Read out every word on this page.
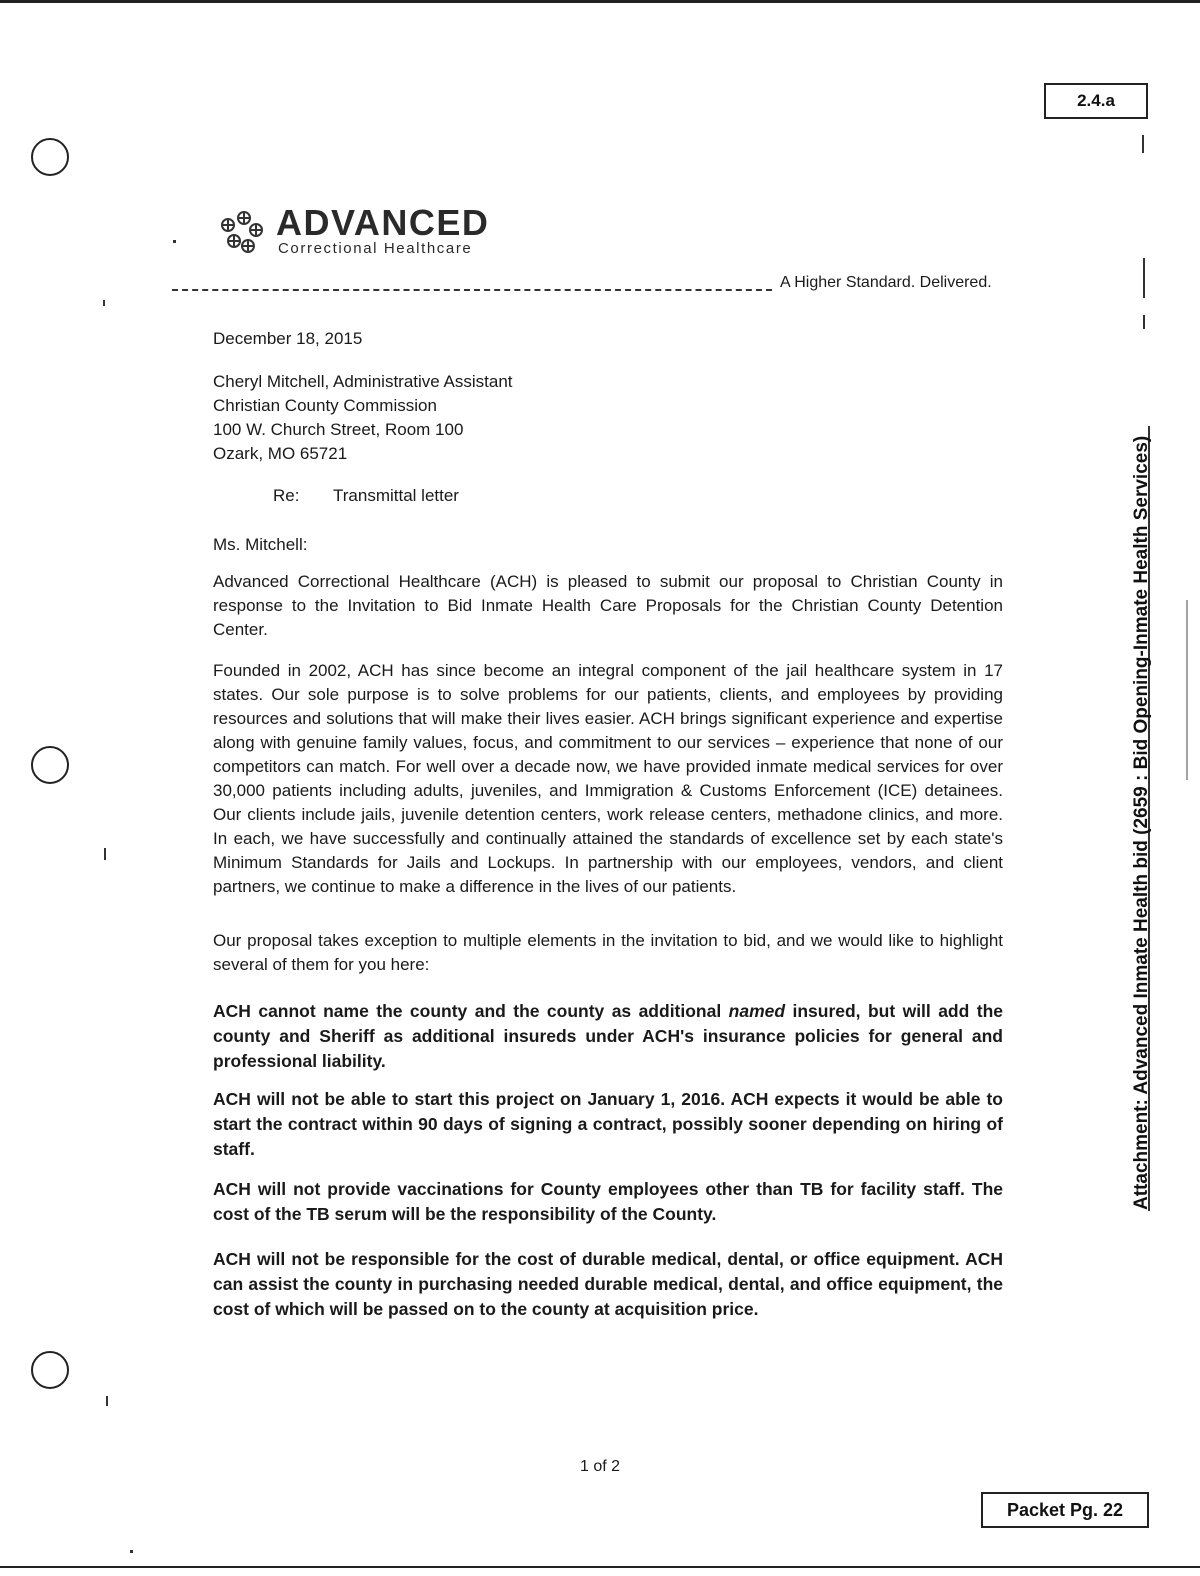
2.4.a
Attachment: Advanced Inmate Health bid (2659 : Bid Opening-Inmate Health Services)
ADVANCED
Correctional Healthcare
A Higher Standard. Delivered.
December 18, 2015
Cheryl Mitchell, Administrative Assistant
Christian County Commission
100 W. Church Street, Room 100
Ozark, MO 65721
Re: Transmittal letter
Ms. Mitchell:
Advanced Correctional Healthcare (ACH) is pleased to submit our proposal to Christian County in response to the Invitation to Bid Inmate Health Care Proposals for the Christian County Detention Center.
Founded in 2002, ACH has since become an integral component of the jail healthcare system in 17 states. Our sole purpose is to solve problems for our patients, clients, and employees by providing resources and solutions that will make their lives easier. ACH brings significant experience and expertise along with genuine family values, focus, and commitment to our services – experience that none of our competitors can match. For well over a decade now, we have provided inmate medical services for over 30,000 patients including adults, juveniles, and Immigration & Customs Enforcement (ICE) detainees. Our clients include jails, juvenile detention centers, work release centers, methadone clinics, and more. In each, we have successfully and continually attained the standards of excellence set by each state's Minimum Standards for Jails and Lockups. In partnership with our employees, vendors, and client partners, we continue to make a difference in the lives of our patients.
Our proposal takes exception to multiple elements in the invitation to bid, and we would like to highlight several of them for you here:
ACH cannot name the county and the county as additional named insured, but will add the county and Sheriff as additional insureds under ACH's insurance policies for general and professional liability.
ACH will not be able to start this project on January 1, 2016. ACH expects it would be able to start the contract within 90 days of signing a contract, possibly sooner depending on hiring of staff.
ACH will not provide vaccinations for County employees other than TB for facility staff. The cost of the TB serum will be the responsibility of the County.
ACH will not be responsible for the cost of durable medical, dental, or office equipment. ACH can assist the county in purchasing needed durable medical, dental, and office equipment, the cost of which will be passed on to the county at acquisition price.
1 of 2
Packet Pg. 22
